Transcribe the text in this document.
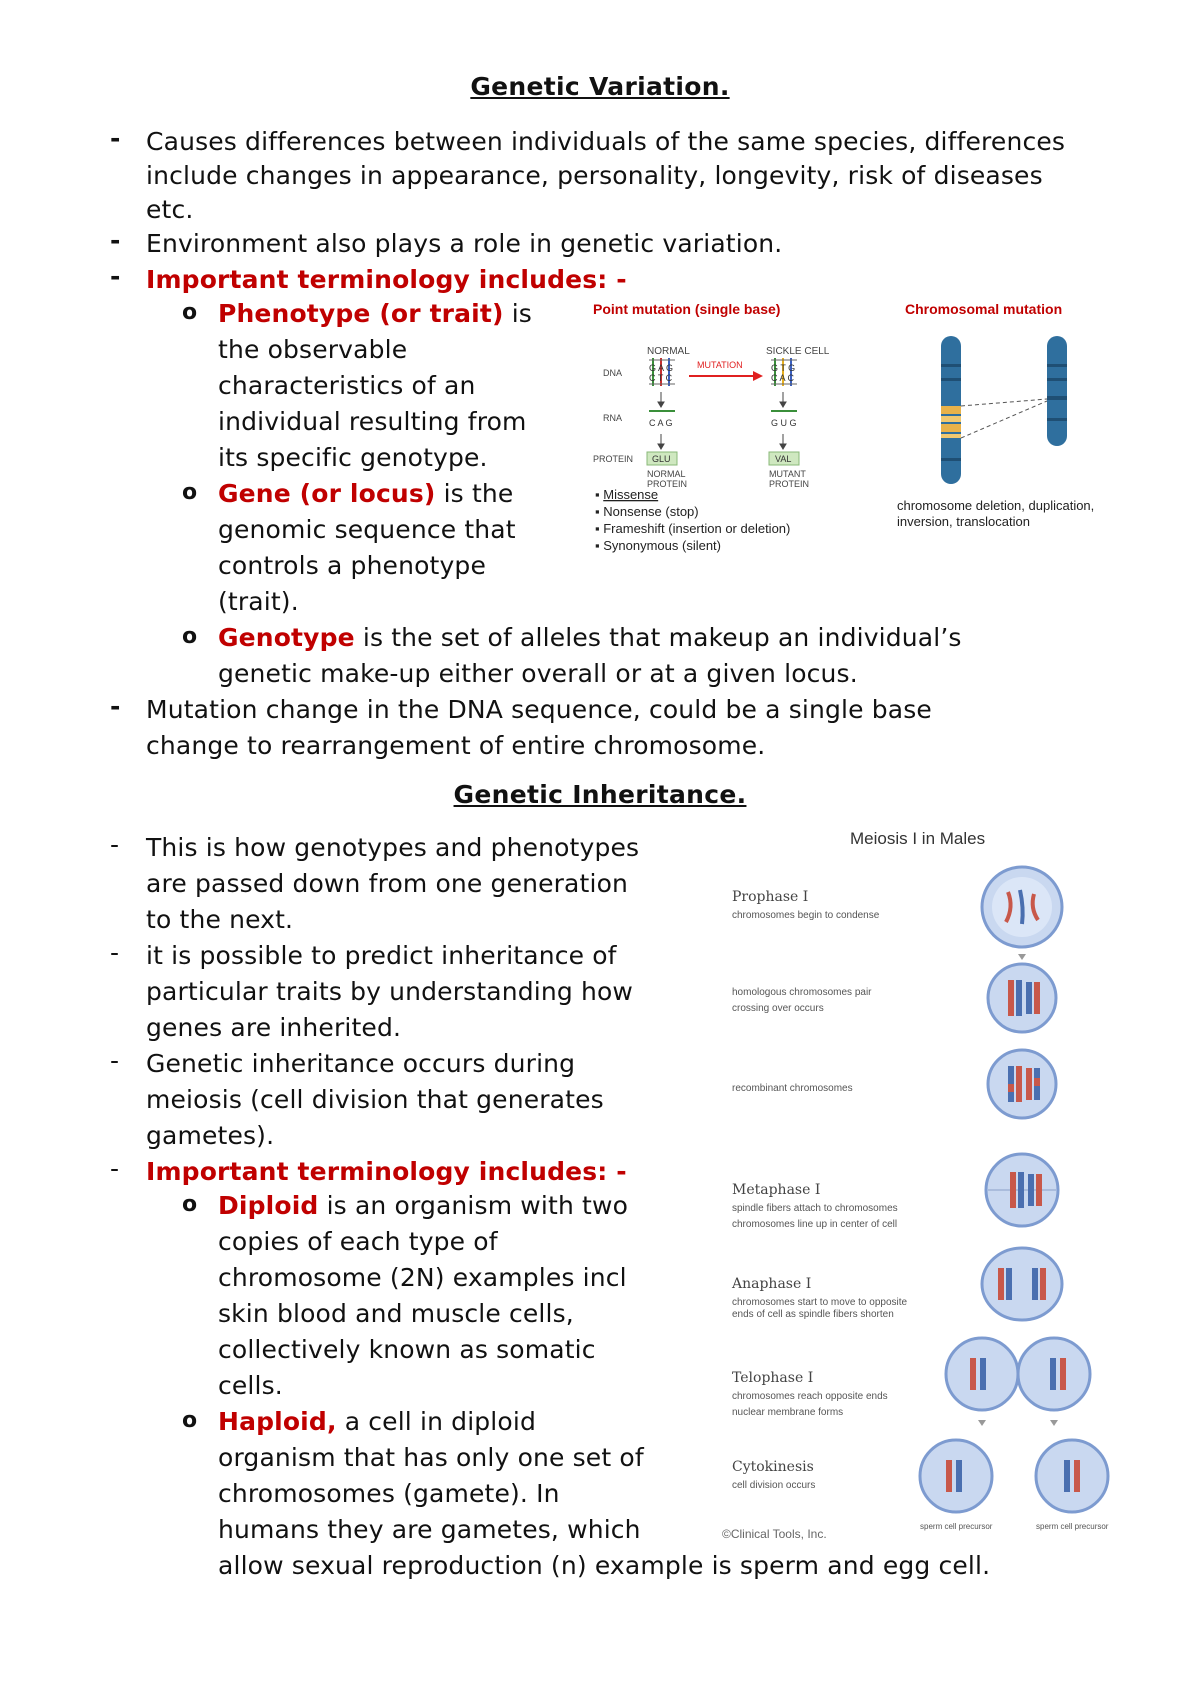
Genetic Variation.
- Causes differences between individuals of the same species, differences
include changes in appearance, personality, longevity, risk of diseases
etc.
- Environment also plays a role in genetic variation.
- Important terminology includes: -
o Phenotype (or trait) is
the observable
characteristics of an
individual resulting from
its specific genotype.
o Gene (or locus) is the
genomic sequence that
controls a phenotype
(trait).
o Genotype is the set of alleles that makeup an individual’s
genetic make-up either overall or at a given locus.
- Mutation change in the DNA sequence, could be a single base
change to rearrangement of entire chromosome.
Point mutation (single base)	Chromosomal mutation
NORMAL	SICKLE CELL
DNA
RNA
PROTEIN
G A G
C T C
MUTATION	G T G
C A C
C A G	G U G
GLU	VAL
NORMAL
PROTEIN
MUTANT
PROTEIN
▪ Missense
▪ Nonsense (stop)
▪ Frameshift (insertion or deletion)
▪ Synonymous (silent)
chromosome deletion, duplication,
inversion, translocation
Genetic Inheritance.
- This is how genotypes and phenotypes
are passed down from one generation
to the next.
- it is possible to predict inheritance of
particular traits by understanding how
genes are inherited.
- Genetic inheritance occurs during
meiosis (cell division that generates
gametes).
- Important terminology includes: -
o Diploid is an organism with two
copies of each type of
chromosome (2N) examples incl
skin blood and muscle cells,
collectively known as somatic
cells.
o Haploid, a cell in diploid
organism that has only one set of
chromosomes (gamete). In
humans they are gametes, which
allow sexual reproduction (n) example is sperm and egg cell.
Meiosis I in Males
Prophase I
chromosomes begin to condense
homologous chromosomes pair
crossing over occurs
recombinant chromosomes
Metaphase I
spindle fibers attach to chromosomes
chromosomes line up in center of cell
Anaphase I
chromosomes start to move to opposite
ends of cell as spindle fibers shorten
Telophase I
chromosomes reach opposite ends
nuclear membrane forms
Cytokinesis
cell division occurs
©Clinical Tools, Inc.
sperm cell precursor	sperm cell precursor
